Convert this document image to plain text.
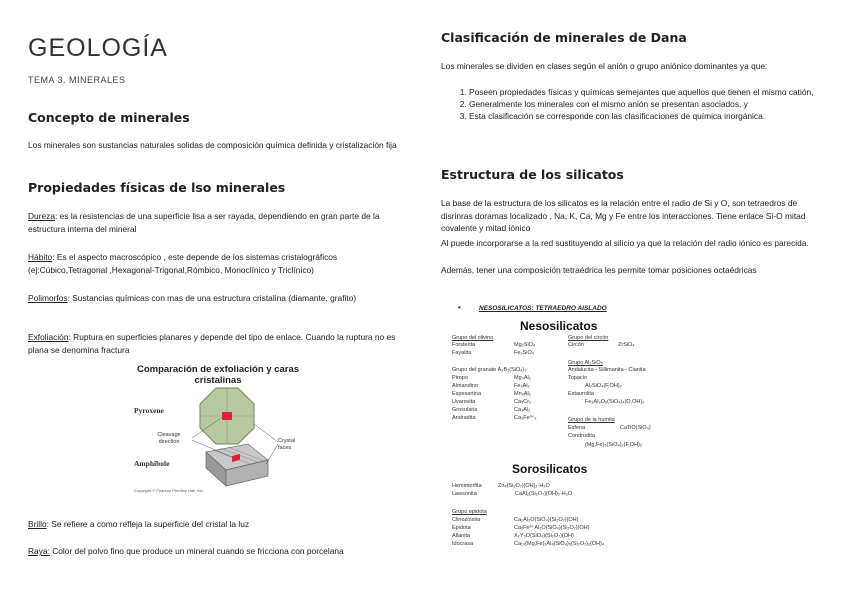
GEOLOGÍA
TEMA 3. MINERALES
Concepto de minerales
Los minerales son sustancias naturales solidas de composición química definida y cristalización fija
Propiedades físicas de lso minerales
Dureza: es la resistencias de una superficie lisa a ser rayada, dependiendo en gran parte de la estructura interna del mineral
Hábito: Es el aspecto macroscópico , este depende de los sistemas cristalográficos (ej:Cúbico,Tetragonal ,Hexagonal-Trigonal,Rómbico, Monoclínico y Triclínico)
Polimorfos: Sustancias químicas con mas de una estructura cristalina (diamante, grafito)
Exfoliación: Ruptura en superficies planares y depende del tipo de enlace. Cuando la ruptura no es plana se denomina fractura
Comparación de exfoliación y caras cristalinas
Pyroxene
Amphibole
Cleavage direction	Crystal faces
Copyright © Pearson Prentice Hall, Inc.
Brillo: Se refiere a como refleja la superficie del cristal la luz
Raya: Color del polvo fino que produce un mineral cuando se fricciona con porcelana
Clasificación de minerales de Dana
Los minerales se dividen en clases según el anión o grupo aniónico dominantes ya que:
1. Poseen propiedades físicas y químicas semejantes que aquellos que tienen el mismo catión,
2. Generalmente los minerales con el mismo anión se presentan asociados, y
3. Esta clasificación se corresponde con las clasificaciones de química inorgánica.
Estructura de los silicatos
La base de la estructura de los silicatos es la relación entre el radio de Si y O, son tetraedros de disrinras doramas localizado , Na, K, Ca, Mg y Fe entre los interacciones. Tiene enlace Si-O mitad covalente y mitad iónico
Al puede incorporarse a la red sustituyendo al silicio ya que la relación del radio iónico es parecida.
Además, tener una composición tetraédrica les permite tomar posiciones octaédricas
•	NESOSILICATOS: TETRAEDRO AISLADO
Nesosilicatos
Grupo del olivino
Forsterita	Mg₂SiO₄
Fayalita	Fe₂SiO₄
Grupo del circón
Circón	ZrSiO₄
Grupo del granate A₃B₂(SiO₄)₃
Piropo	Mg₃Al₂
Almandino	Fe₃Al₂
Espesartina	Mn₃Al₂
Uvarovita	Ca₃Cr₂
Grosularia	Ca₃Al₂
Andradita	Ca₃Fe³⁺₂
Grupo Al₂SiO₅
Andalucita - Sillimanita - Cianita
Topacio
Al₂SiO₄(F,OH)₂
Estaurolita
Fe₂Al₉O₆(SiO₄)₄(O,OH)₂
Grupo de la humita
Esfena	CaTiO(SiO₄)
Condrodita
(Mg,Fe)₅(SiO₄)₂(F,OH)₂
Sorosilicatos
Hemimorfita	Zn₄(Si₂O₇)(OH)₂·H₂O
Lawsonita	CaAl₂(Si₂O₇)(OH)₂·H₂O
Grupo epidota
Clinozoisita	Ca₂Al₃O(SiO₄)(Si₂O₇)(OH)
Epidota	Ca₂Fe³⁺Al₂O(SiO₄)(Si₂O₇)(OH)
Allanita	X₂Y₃O(SiO₄)(Si₂O₇)(OH)
Idocrasa	Ca₁₀(Mg,Fe)₂Al₄(SiO₄)₅(Si₂O₇)₂(OH)₄
